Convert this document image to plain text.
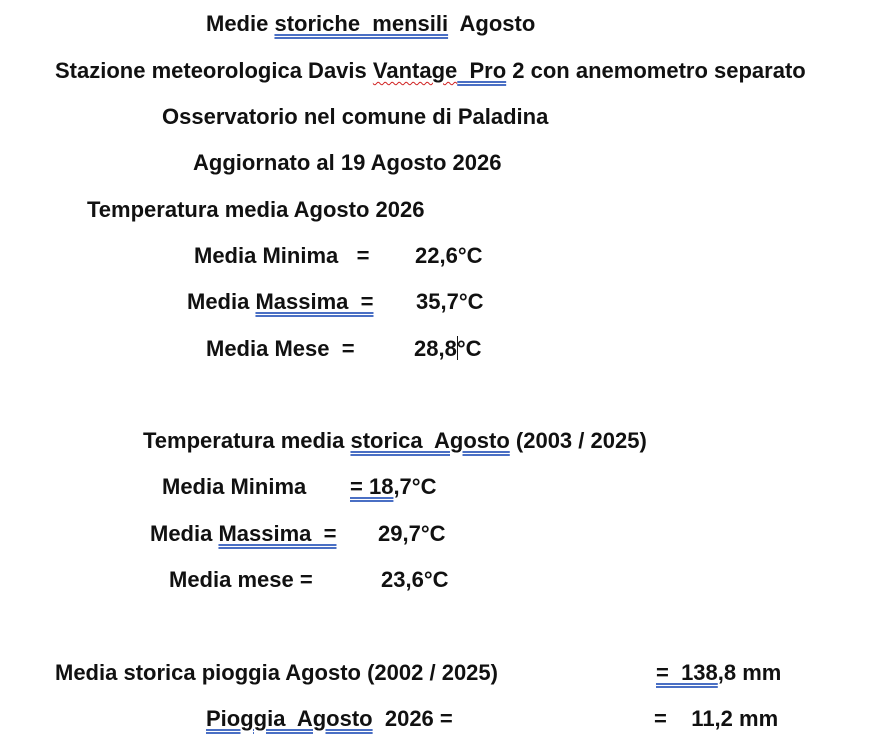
Medie storiche  mensili  Agosto
Stazione meteorologica Davis Vantage Pro 2 con anemometro separato
Osservatorio nel comune di Paladina
Aggiornato al 19 Agosto 2026
Temperatura media Agosto 2026
Media Minima   = 22,6°C
Media Massima  = 35,7°C
Media Mese  =	28,8°C
Temperatura media storica  Agosto (2003 / 2025)
Media Minima = 18,7°C
Media Massima  = 29,7°C
Media mese =	23,6°C
Media storica pioggia Agosto (2002 / 2025)	=  138,8 mm
Pioggia  Agosto  2026 =	=    11,2 mm
